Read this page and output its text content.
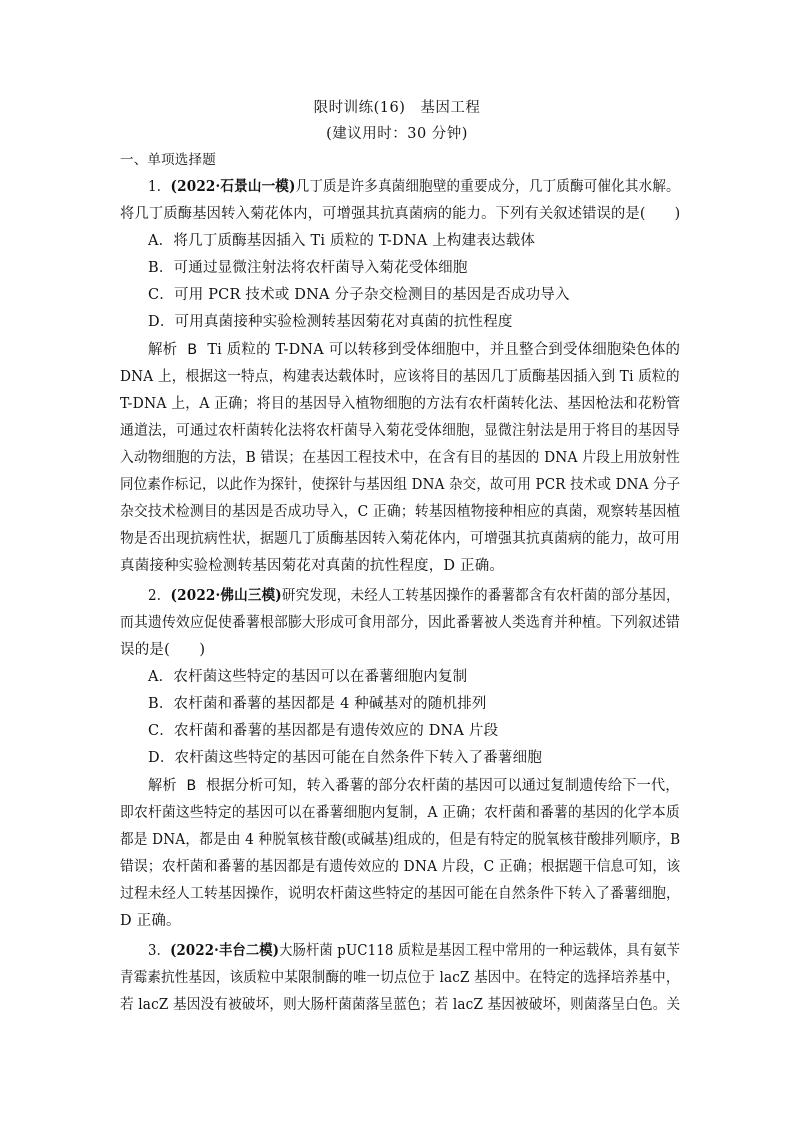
限时训练(16)　基因工程
(建议用时：30 分钟)
一、单项选择题
1．(2022·石景山一模)几丁质是许多真菌细胞壁的重要成分，几丁质酶可催化其水解。
将几丁质酶基因转入菊花体内，可增强其抗真菌病的能力。下列有关叙述错误的是(　　)
A．将几丁质酶基因插入 Ti 质粒的 T-DNA 上构建表达载体
B．可通过显微注射法将农杆菌导入菊花受体细胞
C．可用 PCR 技术或 DNA 分子杂交检测目的基因是否成功导入
D．可用真菌接种实验检测转基因菊花对真菌的抗性程度
解析 B Ti 质粒的 T-DNA 可以转移到受体细胞中，并且整合到受体细胞染色体的
DNA 上，根据这一特点，构建表达载体时，应该将目的基因几丁质酶基因插入到 Ti 质粒的
T-DNA 上，A 正确；将目的基因导入植物细胞的方法有农杆菌转化法、基因枪法和花粉管
通道法，可通过农杆菌转化法将农杆菌导入菊花受体细胞，显微注射法是用于将目的基因导
入动物细胞的方法，B 错误；在基因工程技术中，在含有目的基因的 DNA 片段上用放射性
同位素作标记，以此作为探针，使探针与基因组 DNA 杂交，故可用 PCR 技术或 DNA 分子
杂交技术检测目的基因是否成功导入，C 正确；转基因植物接种相应的真菌，观察转基因植
物是否出现抗病性状，据题几丁质酶基因转入菊花体内，可增强其抗真菌病的能力，故可用
真菌接种实验检测转基因菊花对真菌的抗性程度，D 正确。
2．(2022·佛山三模)研究发现，未经人工转基因操作的番薯都含有农杆菌的部分基因，
而其遗传效应促使番薯根部膨大形成可食用部分，因此番薯被人类选育并种植。下列叙述错
误的是(　　)
A．农杆菌这些特定的基因可以在番薯细胞内复制
B．农杆菌和番薯的基因都是 4 种碱基对的随机排列
C．农杆菌和番薯的基因都是有遗传效应的 DNA 片段
D．农杆菌这些特定的基因可能在自然条件下转入了番薯细胞
解析 B 根据分析可知，转入番薯的部分农杆菌的基因可以通过复制遗传给下一代，
即农杆菌这些特定的基因可以在番薯细胞内复制，A 正确；农杆菌和番薯的基因的化学本质
都是 DNA，都是由 4 种脱氧核苷酸(或碱基)组成的，但是有特定的脱氧核苷酸排列顺序，B
错误；农杆菌和番薯的基因都是有遗传效应的 DNA 片段，C 正确；根据题干信息可知，该
过程未经人工转基因操作，说明农杆菌这些特定的基因可能在自然条件下转入了番薯细胞，
D 正确。
3．(2022·丰台二模)大肠杆菌 pUC118 质粒是基因工程中常用的一种运载体，具有氨苄
青霉素抗性基因，该质粒中某限制酶的唯一切点位于 lacZ 基因中。在特定的选择培养基中，
若 lacZ 基因没有被破坏，则大肠杆菌菌落呈蓝色；若 lacZ 基因被破坏，则菌落呈白色。关
